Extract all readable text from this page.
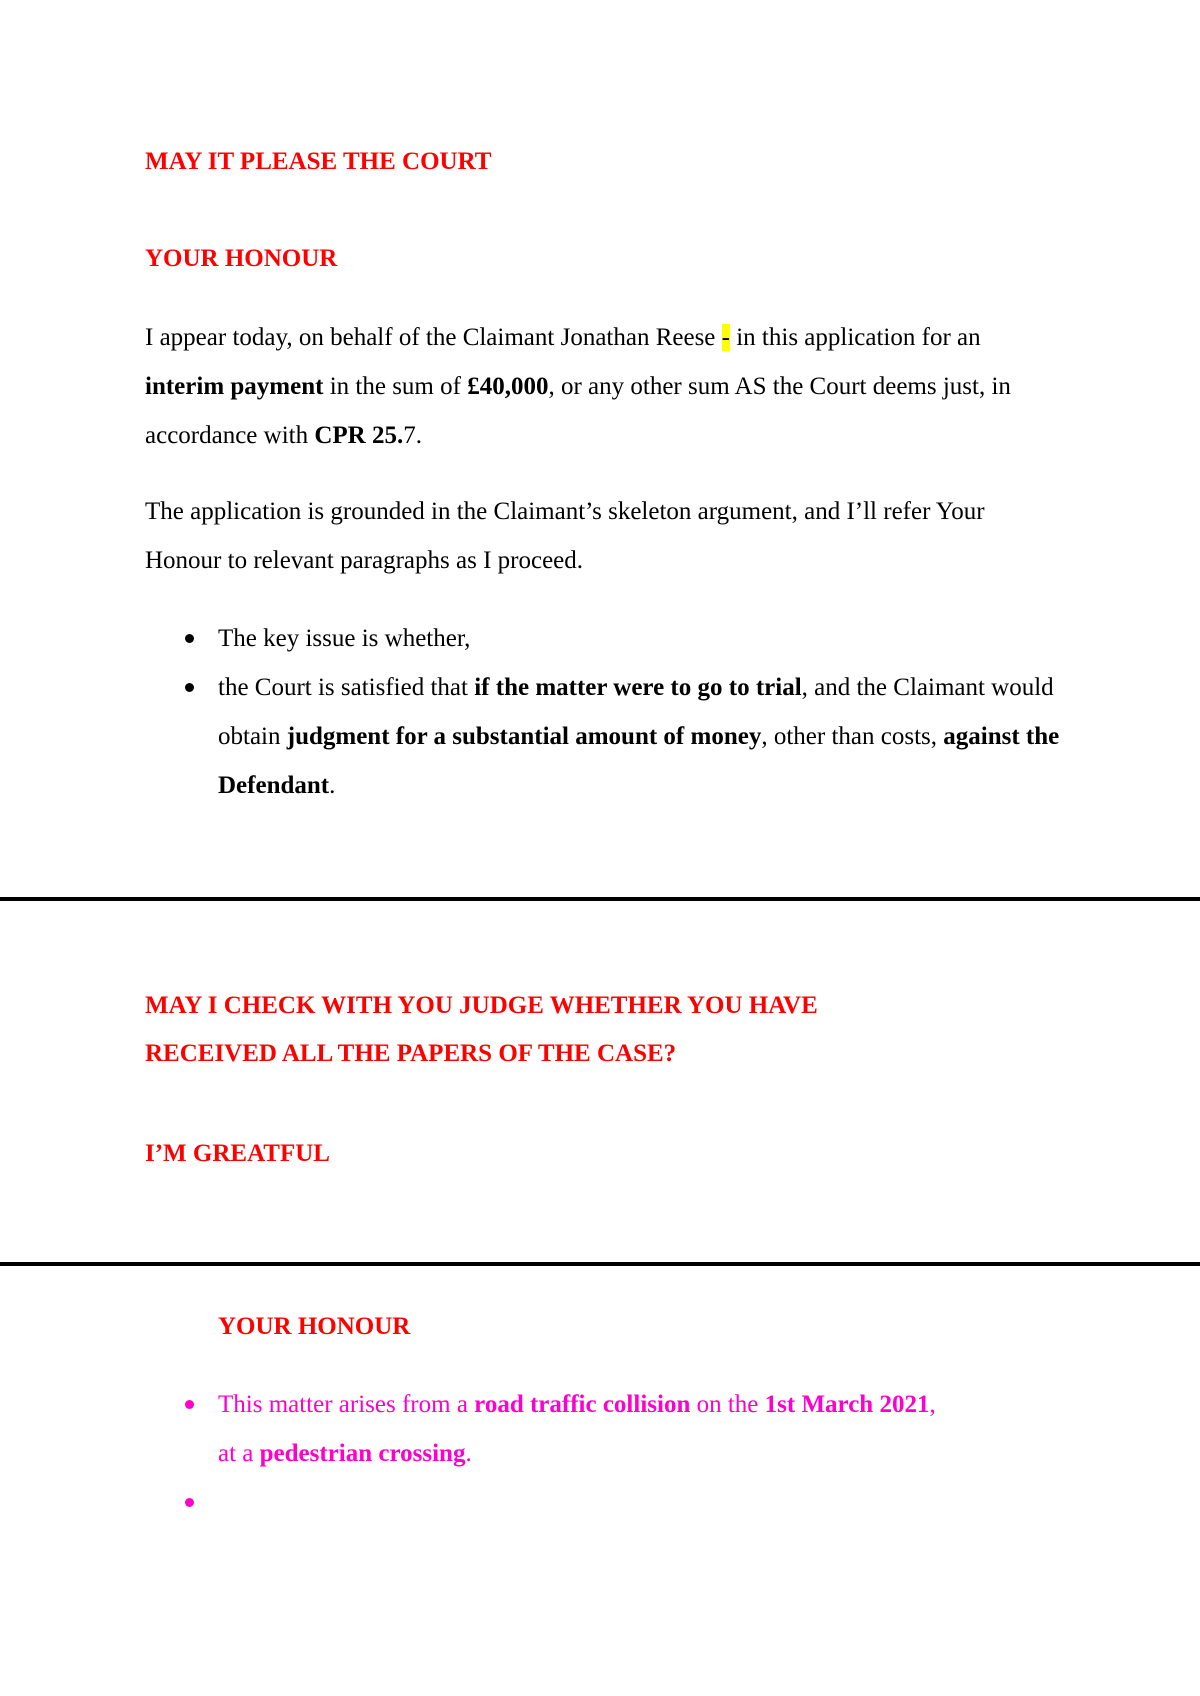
MAY IT PLEASE THE COURT

YOUR HONOUR

I appear today, on behalf of the Claimant Jonathan Reese - in this application for an interim payment in the sum of £40,000, or any other sum AS the Court deems just, in accordance with CPR 25.7.

The application is grounded in the Claimant’s skeleton argument, and I’ll refer Your Honour to relevant paragraphs as I proceed.

The key issue is whether,
the Court is satisfied that if the matter were to go to trial, and the Claimant would obtain judgment for a substantial amount of money, other than costs, against the Defendant.

MAY I CHECK WITH YOU JUDGE WHETHER YOU HAVE

RECEIVED ALL THE PAPERS OF THE CASE?

I’M GREATFUL

YOUR HONOUR

This matter arises from a road traffic collision on the 1st March 2021,
at a pedestrian crossing.
